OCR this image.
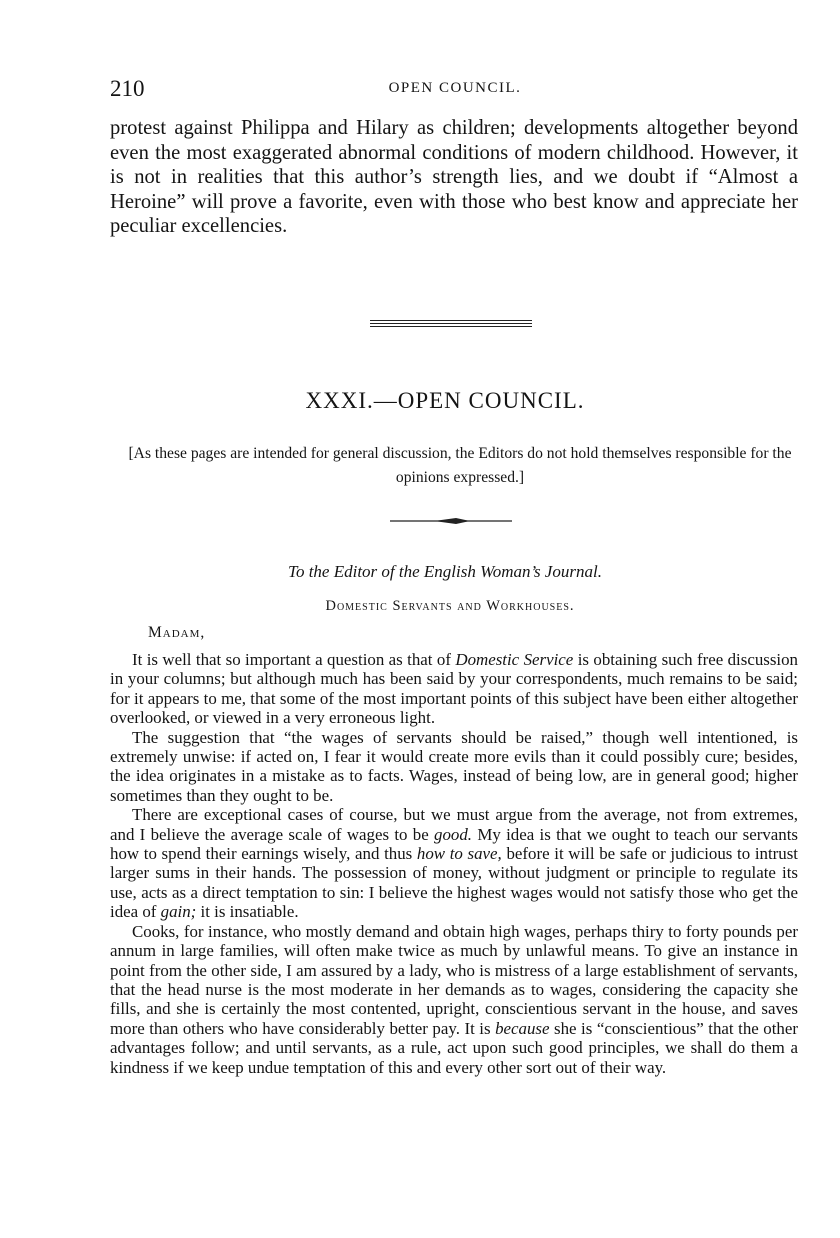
210	OPEN COUNCIL.
protest against Philippa and Hilary as children; developments altogether beyond even the most exaggerated abnormal conditions of modern childhood. However, it is not in realities that this author’s strength lies, and we doubt if “Almost a Heroine” will prove a favorite, even with those who best know and appreciate her peculiar excellencies.
XXXI.—OPEN COUNCIL.
[As these pages are intended for general discussion, the Editors do not hold themselves responsible for the opinions expressed.]
To the Editor of the English Woman’s Journal.
Domestic Servants and Workhouses.
Madam,

It is well that so important a question as that of Domestic Service is obtaining such free discussion in your columns; but although much has been said by your correspondents, much remains to be said; for it appears to me, that some of the most important points of this subject have been either altogether overlooked, or viewed in a very erroneous light.

The suggestion that “the wages of servants should be raised,” though well intentioned, is extremely unwise: if acted on, I fear it would create more evils than it could possibly cure; besides, the idea originates in a mistake as to facts. Wages, instead of being low, are in general good; higher sometimes than they ought to be.

There are exceptional cases of course, but we must argue from the average, not from extremes, and I believe the average scale of wages to be good. My idea is that we ought to teach our servants how to spend their earnings wisely, and thus how to save, before it will be safe or judicious to intrust larger sums in their hands. The possession of money, without judgment or principle to regulate its use, acts as a direct temptation to sin: I believe the highest wages would not satisfy those who get the idea of gain; it is insatiable.

Cooks, for instance, who mostly demand and obtain high wages, perhaps thiry to forty pounds per annum in large families, will often make twice as much by unlawful means. To give an instance in point from the other side, I am assured by a lady, who is mistress of a large establishment of servants, that the head nurse is the most moderate in her demands as to wages, considering the capacity she fills, and she is certainly the most contented, upright, conscientious servant in the house, and saves more than others who have considerably better pay. It is because she is “conscientious” that the other advantages follow; and until servants, as a rule, act upon such good principles, we shall do them a kindness if we keep undue temptation of this and every other sort out of their way.
